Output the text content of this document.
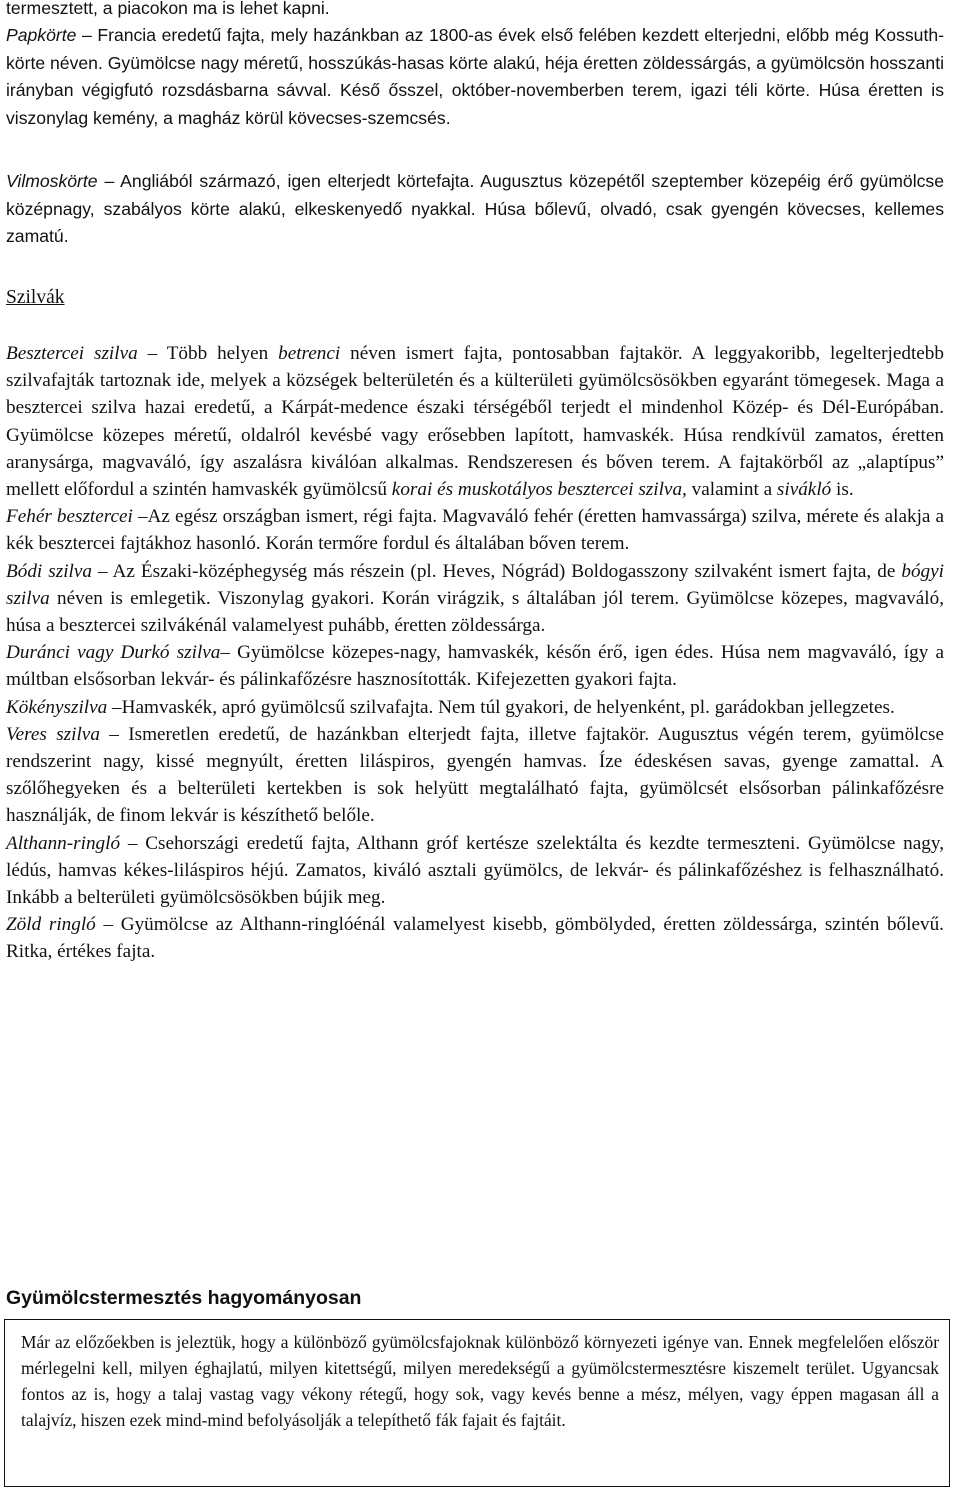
termesztett, a piacokon ma is lehet kapni.

Papkörte – Francia eredetű fajta, mely hazánkban az 1800-as évek első felében kezdett elterjedni, előbb még Kossuth-körte néven. Gyümölcse nagy méretű, hosszúkás-hasas körte alakú, héja éretten zöldessárgás, a gyümölcsön hosszanti irányban végigfutó rozsdásbarna sávval. Késő ősszel, október-novemberben terem, igazi téli körte. Húsa éretten is viszonylag kemény, a magház körül kövecses-szemcsés.

Vilmoskörte – Angliából származó, igen elterjedt körtefajta. Augusztus közepétől szeptember közepéig érő gyümölcse középnagy, szabályos körte alakú, elkeskenyedő nyakkal. Húsa bőlevű, olvadó, csak gyengén kövecses, kellemes zamatú.

Szilvák

Besztercei szilva – Több helyen betrenci néven ismert fajta, pontosabban fajtakör. A leggyakoribb, legelterjedtebb szilvafajták tartoznak ide, melyek a községek belterületén és a külterületi gyümölcsösökben egyaránt tömegesek. Maga a besztercei szilva hazai eredetű, a Kárpát-medence északi térségéből terjedt el mindenhol Közép- és Dél-Európában. Gyümölcse közepes méretű, oldalról kevésbé vagy erősebben lapított, hamvaskék. Húsa rendkívül zamatos, éretten aranysárga, magvaváló, így aszalásra kiválóan alkalmas. Rendszeresen és bőven terem. A fajtakörből az „alaptípus” mellett előfordul a szintén hamvaskék gyümölcsű korai és muskotályos besztercei szilva, valamint a sivákló is.

Fehér besztercei –Az egész országban ismert, régi fajta. Magvaváló fehér (éretten hamvassárga) szilva, mérete és alakja a kék besztercei fajtákhoz hasonló. Korán termőre fordul és általában bőven terem.

Bódi szilva – Az Északi-középhegység más részein (pl. Heves, Nógrád) Boldogasszony szilvaként ismert fajta, de bógyi szilva néven is emlegetik. Viszonylag gyakori. Korán virágzik, s általában jól terem. Gyümölcse közepes, magvaváló, húsa a besztercei szilvákénál valamelyest puhább, éretten zöldessárga.

Duránci vagy Durkó szilva– Gyümölcse közepes-nagy, hamvaskék, későn érő, igen édes. Húsa nem magvaváló, így a múltban elsősorban lekvár- és pálinkafőzésre hasznosították. Kifejezetten gyakori fajta.

Kökényszilva –Hamvaskék, apró gyümölcsű szilvafajta. Nem túl gyakori, de helyenként, pl. garádokban jellegzetes.

Veres szilva – Ismeretlen eredetű, de hazánkban elterjedt fajta, illetve fajtakör. Augusztus végén terem, gyümölcse rendszerint nagy, kissé megnyúlt, éretten liláspiros, gyengén hamvas. Íze édeskésen savas, gyenge zamattal. A szőlőhegyeken és a belterületi kertekben is sok helyütt megtalálható fajta, gyümölcsét elsősorban pálinkafőzésre használják, de finom lekvár is készíthető belőle.

Althann-ringló – Csehországi eredetű fajta, Althann gróf kertésze szelektálta és kezdte termeszteni. Gyümölcse nagy, lédús, hamvas kékes-liláspiros héjú. Zamatos, kiváló asztali gyümölcs, de lekvár- és pálinkafőzéshez is felhasználható. Inkább a belterületi gyümölcsösökben bújik meg.

Zöld ringló – Gyümölcse az Althann-ringlóénál valamelyest kisebb, gömbölyded, éretten zöldessárga, szintén bőlevű. Ritka, értékes fajta.

Gyümölcstermesztés hagyományosan

Már az előzőekben is jeleztük, hogy a különböző gyümölcsfajoknak különböző környezeti igénye van. Ennek megfelelően először mérlegelni kell, milyen éghajlatú, milyen kitettségű, milyen meredekségű a gyümölcstermesztésre kiszemelt terület. Ugyancsak fontos az is, hogy a talaj vastag vagy vékony rétegű, hogy sok, vagy kevés benne a mész, mélyen, vagy éppen magasan áll a talajvíz, hiszen ezek mind-mind befolyásolják a telepíthető fák fajait és fajtáit.
